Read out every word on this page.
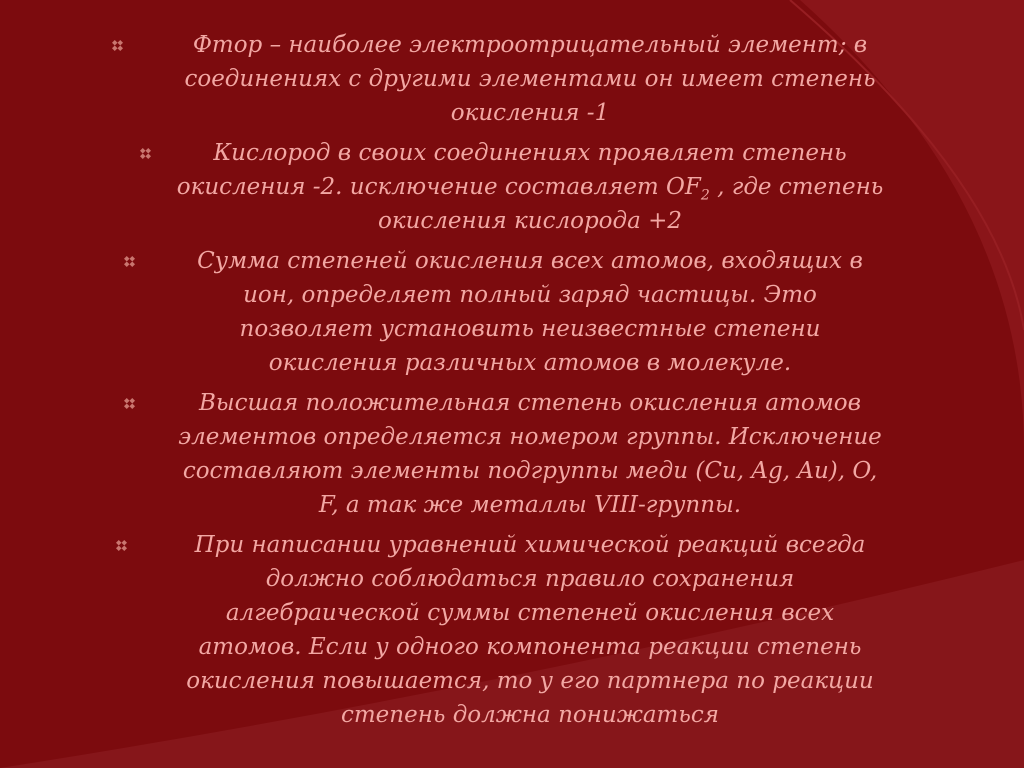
Фтор – наиболее электроотрицательный элемент; в
соединениях с другими элементами он имеет степень
окисления -1
Кислород в своих соединениях проявляет степень
окисления -2. исключение составляет $OF_2$ , где степень
окисления кислорода +2
Сумма степеней окисления всех атомов, входящих в
ион, определяет полный заряд частицы. Это
позволяет установить неизвестные степени
окисления различных атомов в молекуле.
Высшая положительная степень окисления атомов
элементов определяется номером группы. Исключение
составляют элементы подгруппы меди (Cu, Ag, Au), O,
F, а так же металлы VIII-группы.
При написании уравнений химической реакций всегда
должно соблюдаться правило сохранения
алгебраической суммы степеней окисления всех
атомов. Если у одного компонента реакции степень
окисления повышается, то у его партнера по реакции
степень должна понижаться
